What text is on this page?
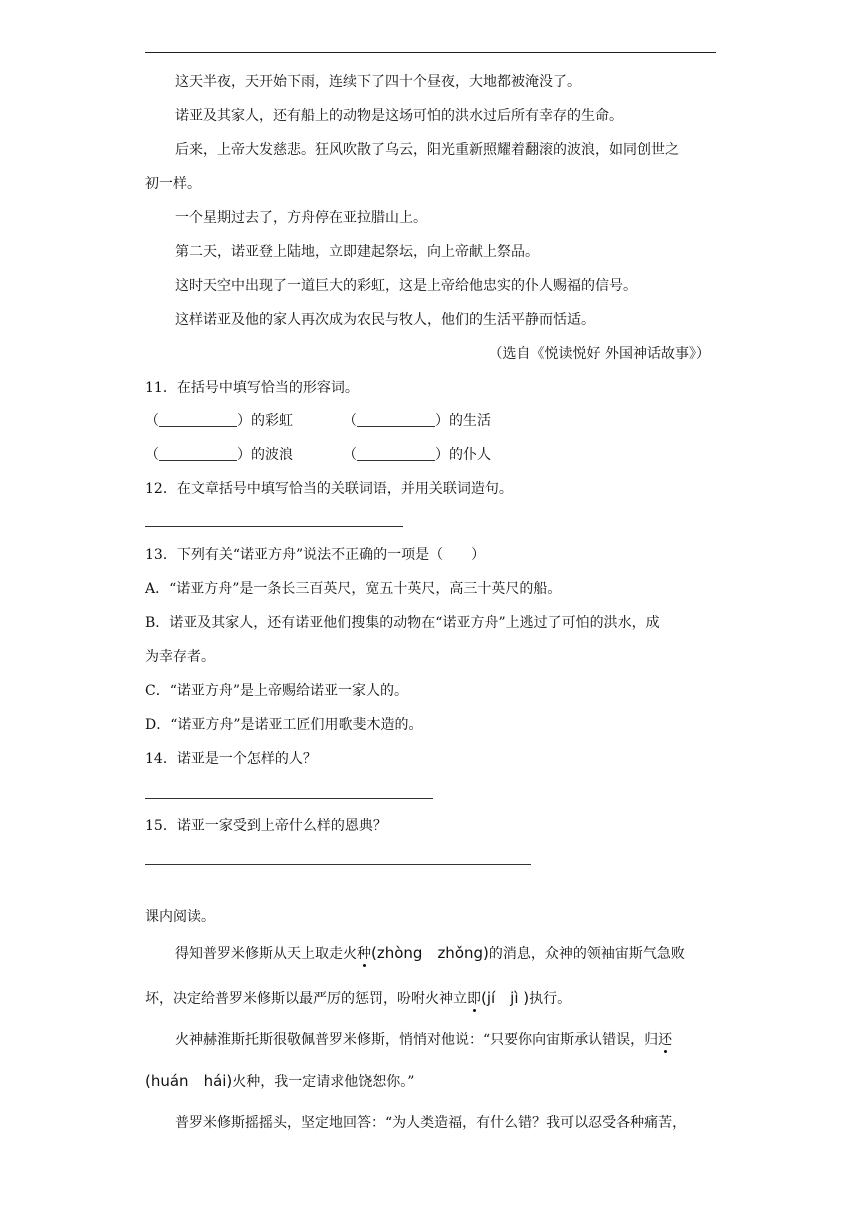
这天半夜，天开始下雨，连续下了四十个昼夜，大地都被淹没了。
诺亚及其家人，还有船上的动物是这场可怕的洪水过后所有幸存的生命。
后来，上帝大发慈悲。狂风吹散了乌云，阳光重新照耀着翻滚的波浪，如同创世之
初一样。
一个星期过去了，方舟停在亚拉腊山上。
第二天，诺亚登上陆地，立即建起祭坛，向上帝献上祭品。
这时天空中出现了一道巨大的彩虹，这是上帝给他忠实的仆人赐福的信号。
这样诺亚及他的家人再次成为农民与牧人，他们的生活平静而恬适。
（选自《悦读悦好 外国神话故事》）
11．在括号中填写恰当的形容词。
（	）的彩虹	（	）的生活
（	）的波浪	（	）的仆人
12．在文章括号中填写恰当的关联词语，并用关联词造句。
13．下列有关“诺亚方舟”说法不正确的一项是（　　）
A．“诺亚方舟”是一条长三百英尺，宽五十英尺，高三十英尺的船。
B．诺亚及其家人，还有诺亚他们搜集的动物在“诺亚方舟”上逃过了可怕的洪水，成
为幸存者。
C．“诺亚方舟”是上帝赐给诺亚一家人的。
D．“诺亚方舟”是诺亚工匠们用歌斐木造的。
14．诺亚是一个怎样的人？
15．诺亚一家受到上帝什么样的恩典？
课内阅读。
得知普罗米修斯从天上取走火种(zhòng　zhǒng)的消息，众神的领袖宙斯气急败
坏，决定给普罗米修斯以最严厉的惩罚，吩咐火神立即(jí　jì )执行。
火神赫淮斯托斯很敬佩普罗米修斯，悄悄对他说：“只要你向宙斯承认错误，归还
(huán　hái)火种，我一定请求他饶恕你。”
普罗米修斯摇摇头，坚定地回答：“为人类造福，有什么错？我可以忍受各种痛苦，
